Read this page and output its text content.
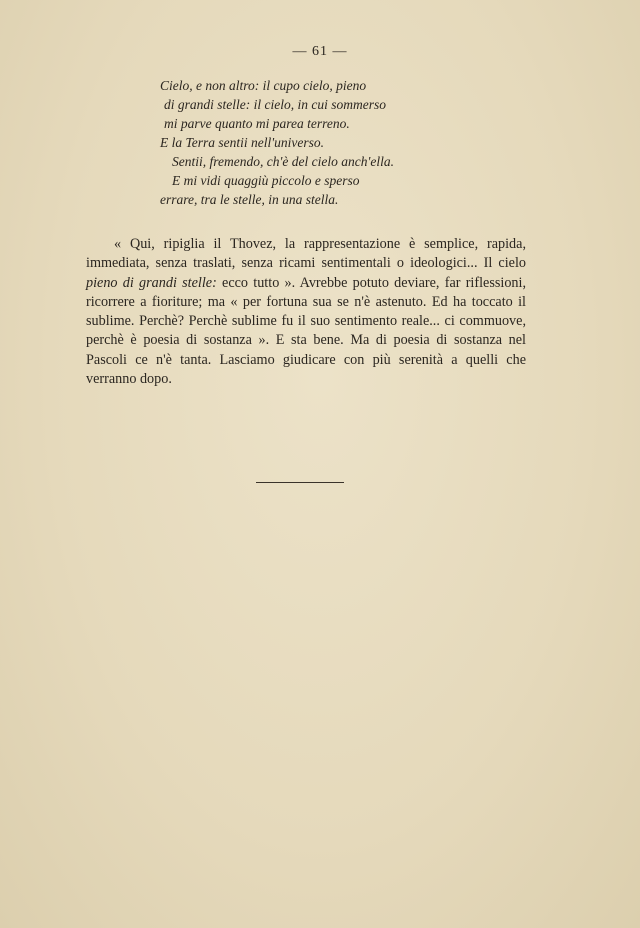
— 61 —
Cielo, e non altro: il cupo cielo, pieno
di grandi stelle: il cielo, in cui sommerso
mi parve quanto mi parea terreno.
E la Terra sentii nell'universo.
Sentii, fremendo, ch'è del cielo anch'ella.
E mi vidi quaggiù piccolo e sperso
errare, tra le stelle, in una stella.

« Qui, ripiglia il Thovez, la rappresentazione è semplice, rapida, immediata, senza traslati, senza ricami sentimentali o ideologici... Il cielo pieno di grandi stelle: ecco tutto ». Avrebbe potuto deviare, far riflessioni, ricorrere a fioriture; ma « per fortuna sua se n'è astenuto. Ed ha toccato il sublime. Perchè? Perchè sublime fu il suo sentimento reale... ci commuove, perchè è poesia di sostanza ». E sta bene. Ma di poesia di sostanza nel Pascoli ce n'è tanta. Lasciamo giudicare con più serenità a quelli che verranno dopo.
